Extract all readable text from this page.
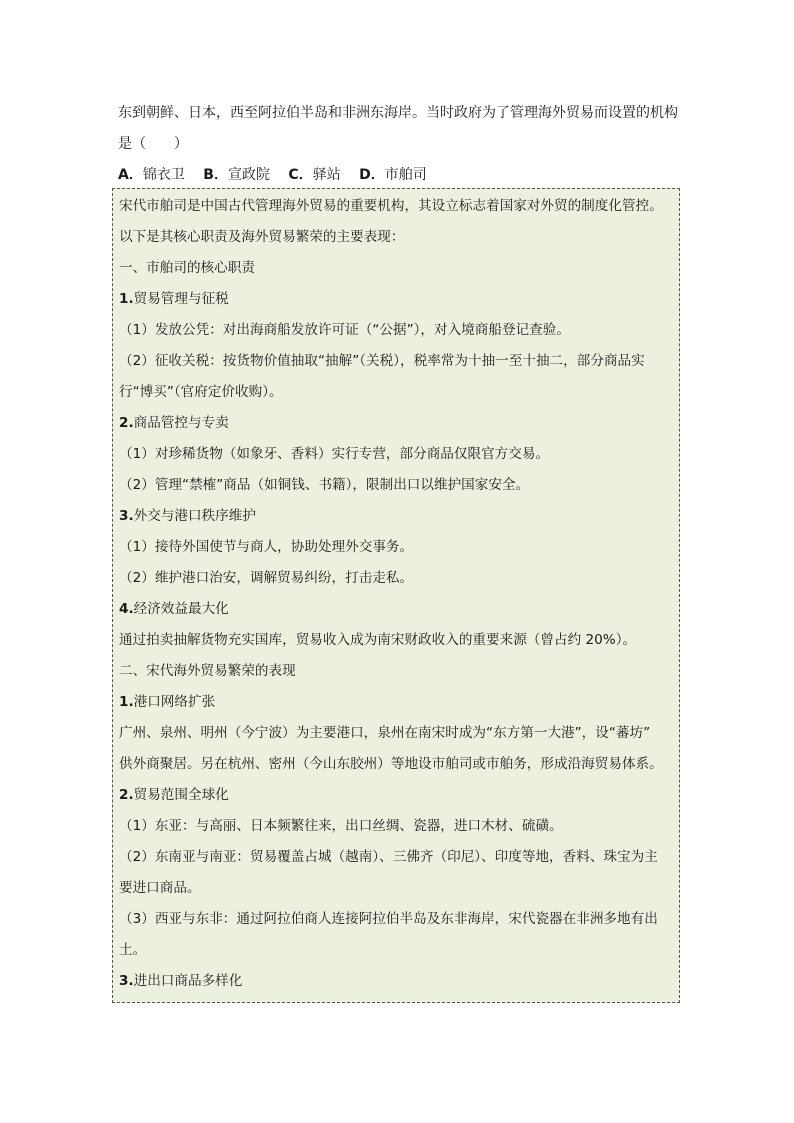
东到朝鲜、日本，西至阿拉伯半岛和非洲东海岸。当时政府为了管理海外贸易而设置的机构

是（　　）

A．锦衣卫 B．宣政院 C．驿站 D．市舶司
宋代市舶司是中国古代管理海外贸易的重要机构，其设立标志着国家对外贸的制度化管控。
以下是其核心职责及海外贸易繁荣的主要表现：
一、市舶司的核心职责
1.贸易管理与征税
（1）发放公凭：对出海商船发放许可证（“公据”），对入境商船登记查验。
（2）征收关税：按货物价值抽取“抽解”（关税），税率常为十抽一至十抽二，部分商品实
行“博买”（官府定价收购）。
2.商品管控与专卖
（1）对珍稀货物（如象牙、香料）实行专营，部分商品仅限官方交易。
（2）管理“禁榷”商品（如铜钱、书籍），限制出口以维护国家安全。
3.外交与港口秩序维护
（1）接待外国使节与商人，协助处理外交事务。
（2）维护港口治安，调解贸易纠纷，打击走私。
4.经济效益最大化
通过拍卖抽解货物充实国库，贸易收入成为南宋财政收入的重要来源（曾占约 20%）。
二、宋代海外贸易繁荣的表现
1.港口网络扩张
广州、泉州、明州（今宁波）为主要港口，泉州在南宋时成为“东方第一大港”，设“蕃坊”
供外商聚居。另在杭州、密州（今山东胶州）等地设市舶司或市舶务，形成沿海贸易体系。
2.贸易范围全球化
（1）东亚：与高丽、日本频繁往来，出口丝绸、瓷器，进口木材、硫磺。
（2）东南亚与南亚：贸易覆盖占城（越南）、三佛齐（印尼）、印度等地，香料、珠宝为主
要进口商品。
（3）西亚与东非：通过阿拉伯商人连接阿拉伯半岛及东非海岸，宋代瓷器在非洲多地有出
土。
3.进出口商品多样化
